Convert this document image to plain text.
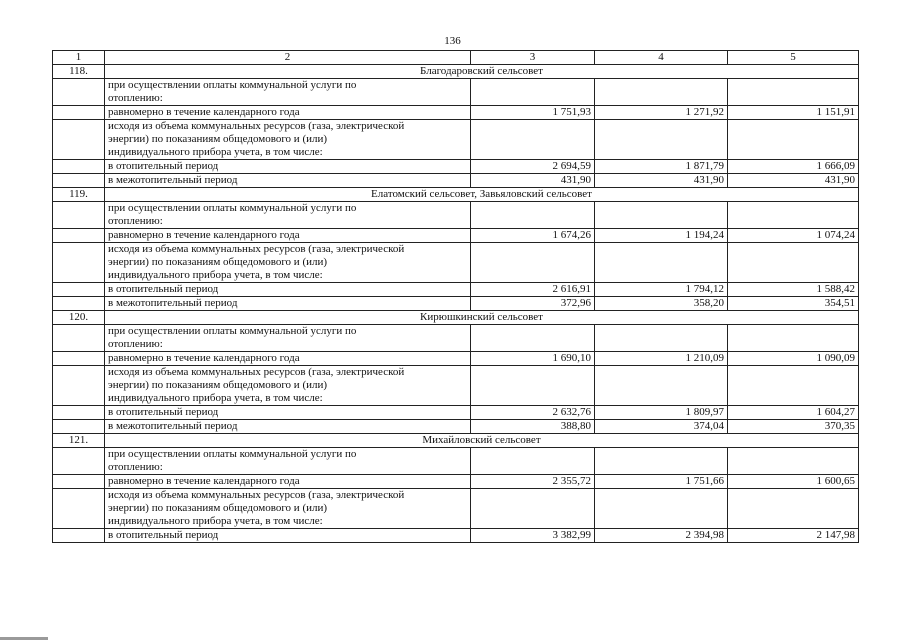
136
1	2	3	4	5
118.	Благодаровский сельсовет			

	при осуществлении оплаты коммунальной услуги по
отоплению:			

	равномерно в течение календарного года	1 751,93	1 271,92	1 151,91

	исходя из объема коммунальных ресурсов (газа, электрической
энергии) по показаниям общедомового и (или)
индивидуального прибора учета, в том числе:			

	в отопительный период	2 694,59	1 871,79	1 666,09

	в межотопительный период	431,90	431,90	431,90
119.	Елатомский сельсовет, Завьяловский сельсовет			

	при осуществлении оплаты коммунальной услуги по
отоплению:			

	равномерно в течение календарного года	1 674,26	1 194,24	1 074,24

	исходя из объема коммунальных ресурсов (газа, электрической
энергии) по показаниям общедомового и (или)
индивидуального прибора учета, в том числе:			

	в отопительный период	2 616,91	1 794,12	1 588,42

	в межотопительный период	372,96	358,20	354,51
120.	Кирюшкинский сельсовет			

	при осуществлении оплаты коммунальной услуги по
отоплению:			

	равномерно в течение календарного года	1 690,10	1 210,09	1 090,09

	исходя из объема коммунальных ресурсов (газа, электрической
энергии) по показаниям общедомового и (или)
индивидуального прибора учета, в том числе:			

	в отопительный период	2 632,76	1 809,97	1 604,27

	в межотопительный период	388,80	374,04	370,35
121.	Михайловский сельсовет			

	при осуществлении оплаты коммунальной услуги по
отоплению:			

	равномерно в течение календарного года	2 355,72	1 751,66	1 600,65

	исходя из объема коммунальных ресурсов (газа, электрической
энергии) по показаниям общедомового и (или)
индивидуального прибора учета, в том числе:			

	в отопительный период	3 382,99	2 394,98	2 147,98
